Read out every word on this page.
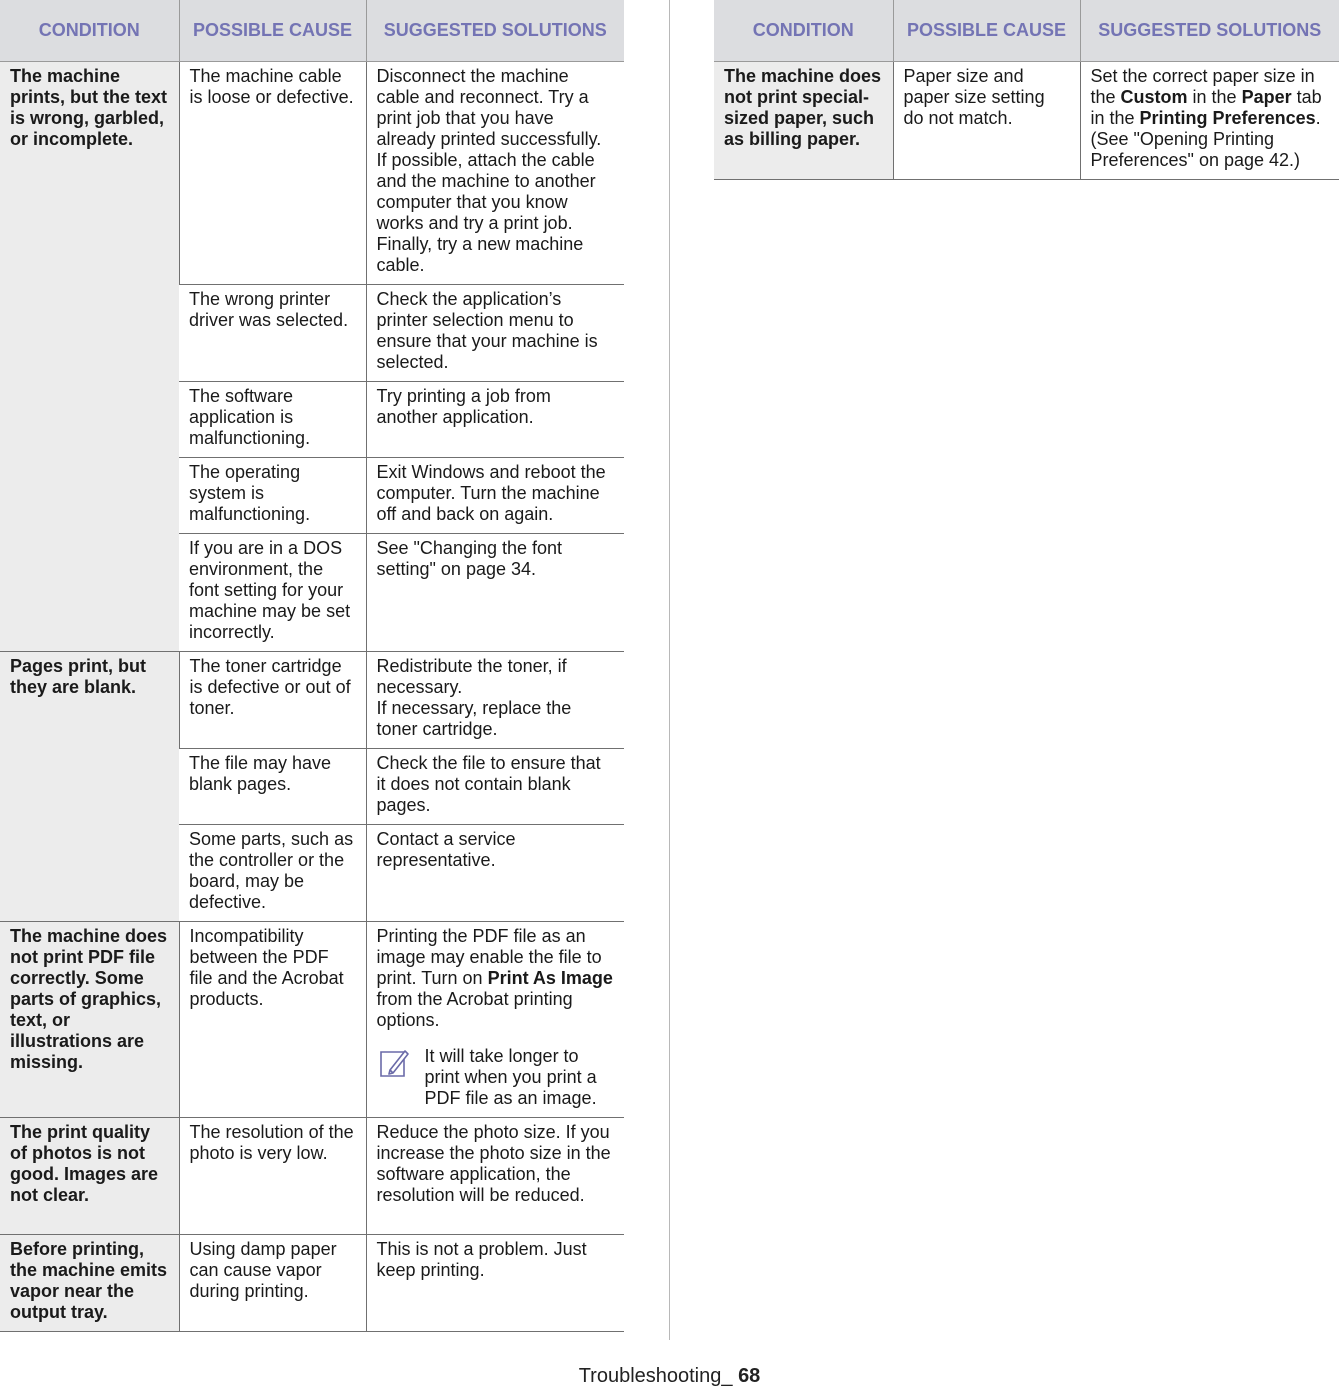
CONDITION	POSSIBLE CAUSE	SUGGESTED SOLUTIONS
The machine prints, but the text is wrong, garbled, or incomplete.	The machine cable is loose or defective.	Disconnect the machine cable and reconnect. Try a print job that you have already printed successfully. If possible, attach the cable and the machine to another computer that you know works and try a print job. Finally, try a new machine cable.
	The wrong printer driver was selected.	Check the application’s printer selection menu to ensure that your machine is selected.
	The software application is malfunctioning.	Try printing a job from another application.
	The operating system is malfunctioning.	Exit Windows and reboot the computer. Turn the machine off and back on again.
	If you are in a DOS environment, the font setting for your machine may be set incorrectly.	See "Changing the font setting" on page 34.
Pages print, but they are blank.	The toner cartridge is defective or out of toner.	Redistribute the toner, if necessary.
If necessary, replace the toner cartridge.

	The file may have blank pages.	Check the file to ensure that it does not contain blank pages.
	Some parts, such as the controller or the board, may be defective.	Contact a service representative.
The machine does not print PDF file correctly. Some parts of graphics, text, or illustrations are missing.	Incompatibility between the PDF file and the Acrobat products.	Printing the PDF file as an image may enable the file to print. Turn on Print As Image from the Acrobat printing options.
It will take longer to print when you print a PDF file as an image.

The print quality of photos is not good. Images are not clear.	The resolution of the photo is very low.	Reduce the photo size. If you increase the photo size in the software application, the resolution will be reduced.
Before printing, the machine emits vapor near the output tray.	Using damp paper can cause vapor during printing.	This is not a problem. Just keep printing.
CONDITION	POSSIBLE CAUSE	SUGGESTED SOLUTIONS
The machine does not print special- sized paper, such as billing paper.	Paper size and paper size setting do not match.	Set the correct paper size in the Custom in the Paper tab in the Printing Preferences. (See "Opening Printing Preferences" on page 42.)
Troubleshooting_ 68
